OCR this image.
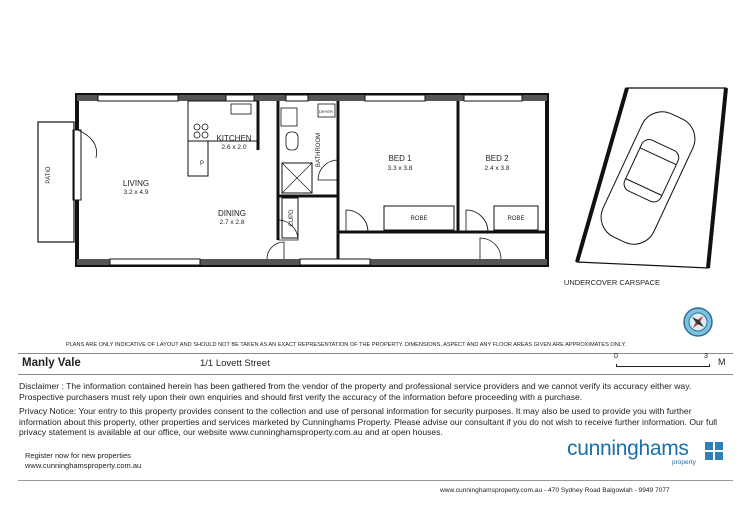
PATIO	LIVING
3.2 x 4.9
KITCHEN
2.6 x 2.0
DINING
2.7 x 2.8
BED 1
3.3 x 3.8
BED 2
2.4 x 3.8
BATHROOM
CUPD
DRYER
ROBE	ROBE
P
UNDERCOVER CARSPACE
PLANS ARE ONLY INDICATIVE OF LAYOUT AND SHOULD NOT BE TAKEN AS AN EXACT REPRESENTATION OF THE PROPERTY. DIMENSIONS, ASPECT AND ANY FLOOR AREAS GIVEN ARE APPROXIMATES ONLY.
Manly Vale	1/1 Lovett Street
0	3
M
Disclaimer : The information contained herein has been gathered from the vendor of the property and professional service providers and we cannot verify its accuracy either way. Prospective purchasers must rely upon their own enquiries and should first verify the accuracy of the information before proceeding with a purchase.
Privacy Notice: Your entry to this property provides consent to the collection and use of personal information for security purposes. It may also be used to provide you with further information about this property, other properties and services marketed by Cunninghams Property. Please advise our consultant if you do not wish to receive further information. Our full privacy statement is available at our office, our website www.cunninghamsproperty.com.au and at open houses.
Register now for new properties
www.cunninghamsproperty.com.au
cunninghams
property
www.cunninghamsproperty.com.au - 470 Sydney Road Balgowlah - 9949 7077
